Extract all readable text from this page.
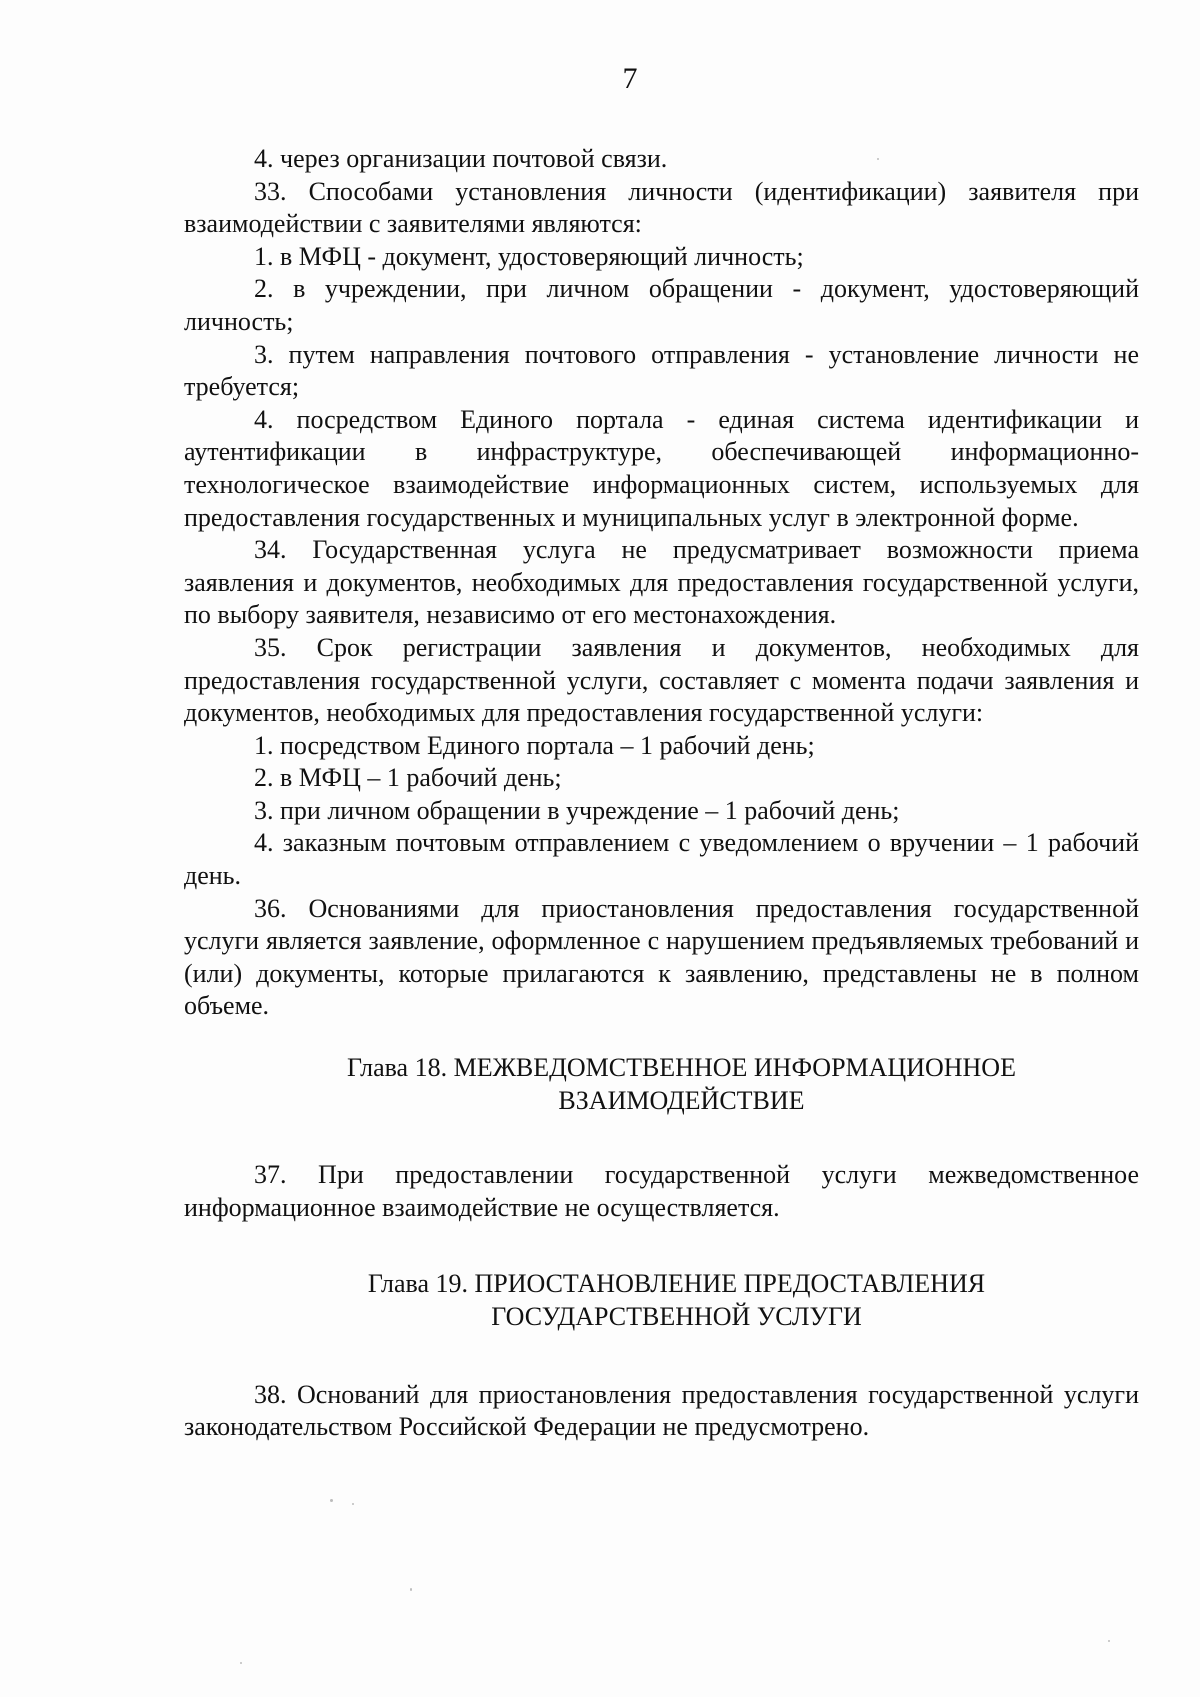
7

4. через организации почтовой связи.

33. Способами установления личности (идентификации) заявителя при взаимодействии с заявителями являются:

1. в МФЦ - документ, удостоверяющий личность;

2. в учреждении, при личном обращении - документ, удостоверяющий личность;

3. путем направления почтового отправления - установление личности не требуется;

4. посредством Единого портала - единая система идентификации и аутентификации в инфраструктуре, обеспечивающей информационно-технологическое взаимодействие информационных систем, используемых для предоставления государственных и муниципальных услуг в электронной форме.

34. Государственная услуга не предусматривает возможности приема заявления и документов, необходимых для предоставления государственной услуги, по выбору заявителя, независимо от его местонахождения.

35. Срок регистрации заявления и документов, необходимых для предоставления государственной услуги, составляет с момента подачи заявления и документов, необходимых для предоставления государственной услуги:

1. посредством Единого портала – 1 рабочий день;

2. в МФЦ – 1 рабочий день;

3. при личном обращении в учреждение – 1 рабочий день;

4. заказным почтовым отправлением с уведомлением о вручении – 1 рабочий день.

36. Основаниями для приостановления предоставления государственной услуги является заявление, оформленное с нарушением предъявляемых требований и (или) документы, которые прилагаются к заявлению, представлены не в полном объеме.

Глава 18. МЕЖВЕДОМСТВЕННОЕ ИНФОРМАЦИОННОЕ
ВЗАИМОДЕЙСТВИЕ

37. При предоставлении государственной услуги межведомственное информационное взаимодействие не осуществляется.

Глава 19. ПРИОСТАНОВЛЕНИЕ ПРЕДОСТАВЛЕНИЯ
ГОСУДАРСТВЕННОЙ УСЛУГИ

38. Оснований для приостановления предоставления государственной услуги законодательством Российской Федерации не предусмотрено.
